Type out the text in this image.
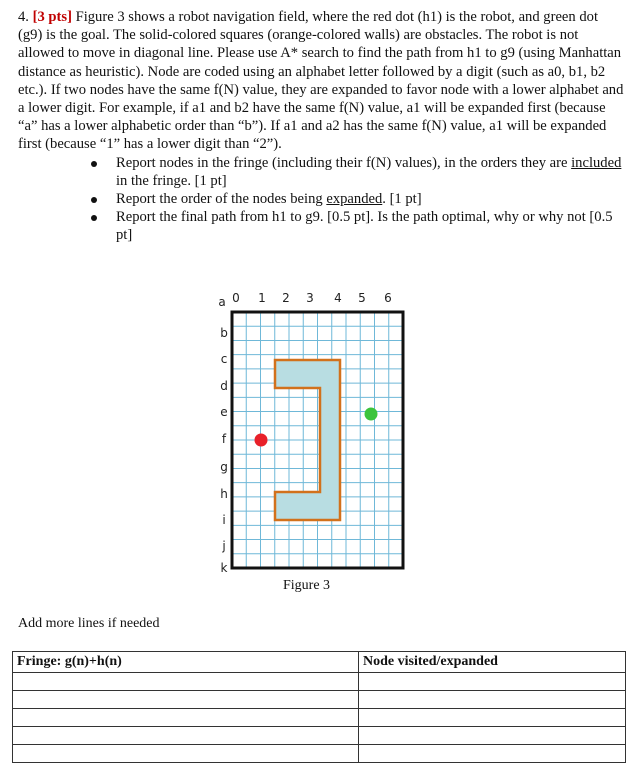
4. [3 pts] Figure 3 shows a robot navigation field, where the red dot (h1) is the robot, and green dot (g9) is the goal. The solid-colored squares (orange-colored walls) are obstacles. The robot is not allowed to move in diagonal line. Please use A* search to find the path from h1 to g9 (using Manhattan distance as heuristic). Node are coded using an alphabet letter followed by a digit (such as a0, b1, b2 etc.). If two nodes have the same f(N) value, they are expanded to favor node with a lower alphabet and a lower digit. For example, if a1 and b2 have the same f(N) value, a1 will be expanded first (because “a” has a lower alphabetic order than “b”). If a1 and a2 has the same f(N) value, a1 will be expanded first (because “1” has a lower digit than “2”).

Report nodes in the fringe (including their f(N) values), in the orders they are included in the fringe. [1 pt]
Report the order of the nodes being expanded. [1 pt]
Report the final path from h1 to g9. [0.5 pt]. Is the path optimal, why or why not [0.5 pt]
0 1 2 3 4 5 6
a
b
c
d
e
f
g
h
i
j
k
Figure 3
Add more lines if needed
Fringe: g(n)+h(n)	Node visited/expanded
